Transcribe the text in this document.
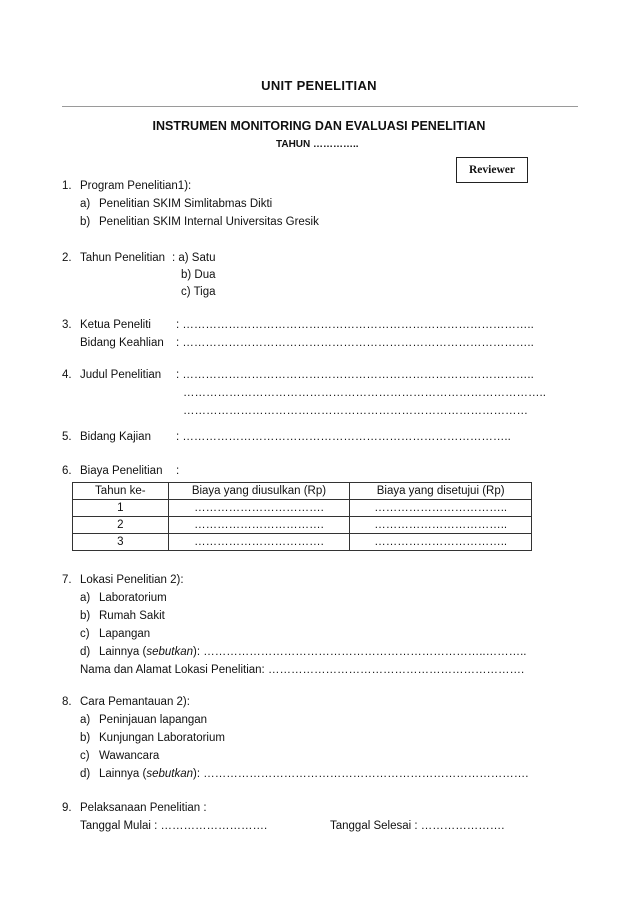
UNIT PENELITIAN
INSTRUMEN MONITORING DAN EVALUASI PENELITIAN
TAHUN …………..
Reviewer
1. Program Penelitian1):
a) Penelitian SKIM Simlitabmas Dikti
b) Penelitian SKIM Internal Universitas Gresik
2. Tahun Penelitian : a) Satu
b) Dua
c) Tiga
3. Ketua Peneliti : ………………………………………………………………………………..
Bidang Keahlian : ………………………………………………………………………………..
4. Judul Penelitian : ………………………………………………………………………………..
…………………………………………………………………………………..
………………………………………………………………………………
5. Bidang Kajian : …………………………………………………………………………..
6. Biaya Penelitian :
Tahun ke-	Biaya yang diusulkan (Rp)	Biaya yang disetujui (Rp)
1	…………………………….	……………………………..
2	…………………………….	……………………………..
3	…………………………….	……………………………..
7. Lokasi Penelitian 2):
a) Laboratorium
b) Rumah Sakit
c) Lapangan
d) Lainnya (sebutkan): ………………………………………………………………..………..
Nama dan Alamat Lokasi Penelitian: ………………………………………………………….
8. Cara Pemantauan 2):
a) Peninjauan lapangan
b) Kunjungan Laboratorium
c) Wawancara
d) Lainnya (sebutkan): ………………………………………………………………………….
9. Pelaksanaan Penelitian :
Tanggal Mulai : ……………………….	Tanggal Selesai : ………………….
